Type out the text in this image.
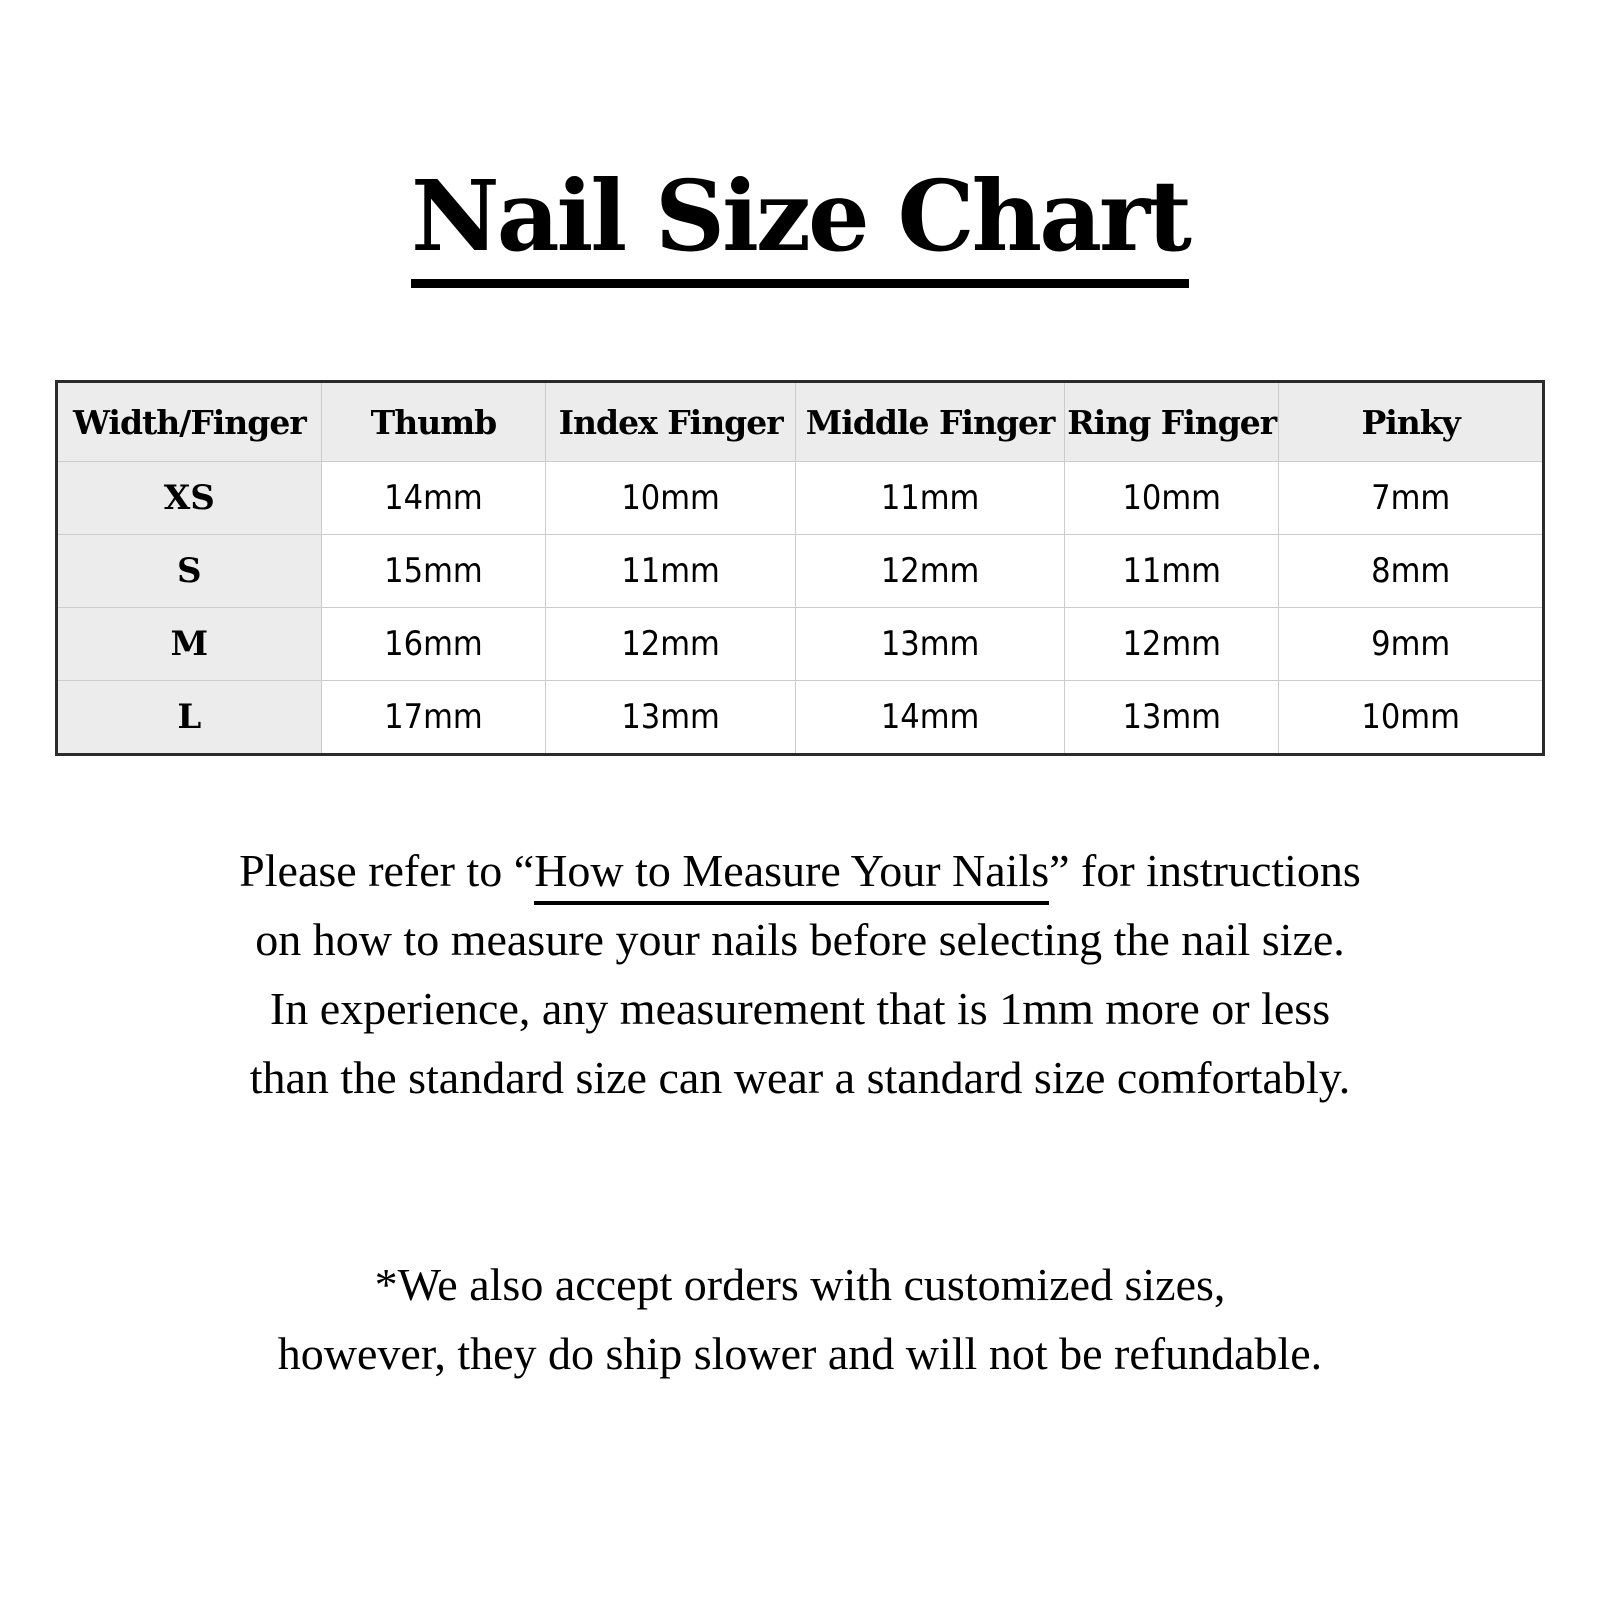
Nail Size Chart
Width/Finger	Thumb	Index Finger	Middle Finger	Ring Finger	Pinky
XS	14mm	10mm	11mm	10mm	7mm
S	15mm	11mm	12mm	11mm	8mm
M	16mm	12mm	13mm	12mm	9mm
L	17mm	13mm	14mm	13mm	10mm
Please refer to “How to Measure Your Nails” for instructions
on how to measure your nails before selecting the nail size.
In experience, any measurement that is 1mm more or less
than the standard size can wear a standard size comfortably.
*We also accept orders with customized sizes,
however, they do ship slower and will not be refundable.
